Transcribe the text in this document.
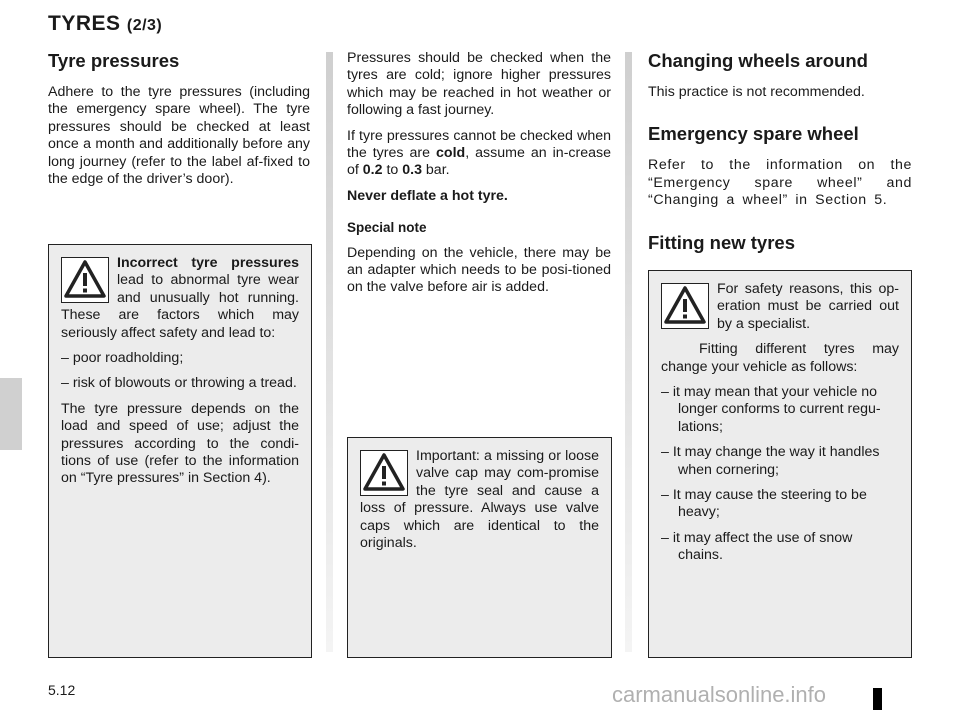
TYRES (2/3)
Tyre pressures

Adhere to the tyre pressures (including the emergency spare wheel). The tyre pressures should be checked at least once a month and additionally before any long journey (refer to the label af-fixed to the edge of the driver’s door).

Incorrect tyre pressures lead to abnormal tyre wear and unusually hot running. These are factors which may seriously affect safety and lead to:

– poor roadholding;
– risk of blowouts or throwing a tread.

The tyre pressure depends on the load and speed of use; adjust the pressures according to the condi-tions of use (refer to the information on “Tyre pressures” in Section 4).

Pressures should be checked when the tyres are cold; ignore higher pressures which may be reached in hot weather or following a fast journey.

If tyre pressures cannot be checked when the tyres are cold, assume an in-crease of 0.2 to 0.3 bar.

Never deflate a hot tyre.

Special note

Depending on the vehicle, there may be an adapter which needs to be posi-tioned on the valve before air is added.

Important: a missing or loose valve cap may com-promise the tyre seal and cause a loss of pressure. Always use valve caps which are identical to the originals.

Changing wheels around

This practice is not recommended.

Emergency spare wheel

Refer to the information on the “Emergency spare wheel” and “Changing a wheel” in Section 5.

Fitting new tyres

For safety reasons, this op-eration must be carried out by a specialist.

Fitting different tyres may change your vehicle as follows:

– it may mean that your vehicle no longer conforms to current regu-lations;
– It may change the way it handles when cornering;
– It may cause the steering to be heavy;
– it may affect the use of snow chains.
5.12	carmanualsonline.info
